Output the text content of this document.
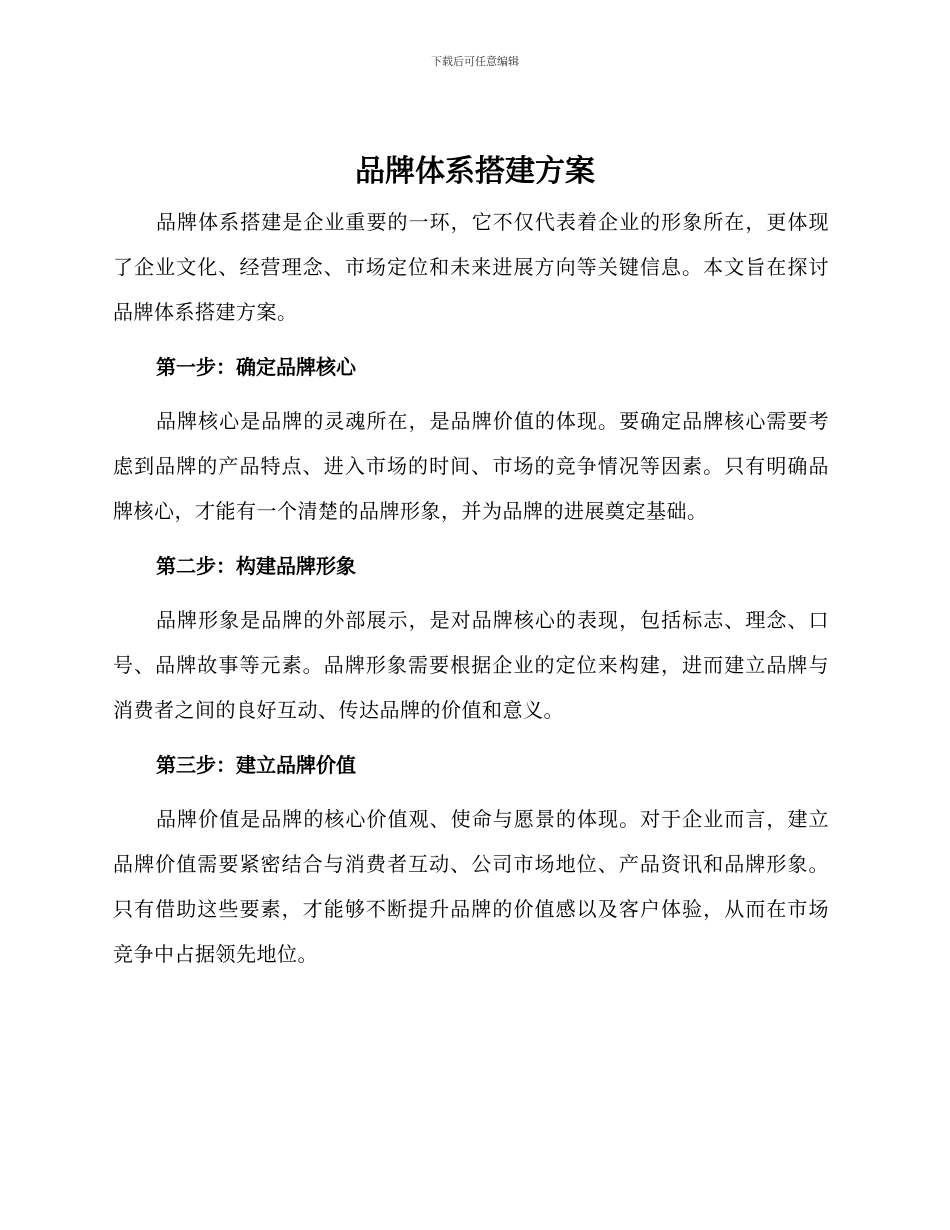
下载后可任意编辑
品牌体系搭建方案

品牌体系搭建是企业重要的一环，它不仅代表着企业的形象所在，更体现了企业文化、经营理念、市场定位和未来进展方向等关键信息。本文旨在探讨品牌体系搭建方案。

第一步：确定品牌核心

品牌核心是品牌的灵魂所在，是品牌价值的体现。要确定品牌核心需要考虑到品牌的产品特点、进入市场的时间、市场的竞争情况等因素。只有明确品牌核心，才能有一个清楚的品牌形象，并为品牌的进展奠定基础。

第二步：构建品牌形象

品牌形象是品牌的外部展示，是对品牌核心的表现，包括标志、理念、口号、品牌故事等元素。品牌形象需要根据企业的定位来构建，进而建立品牌与消费者之间的良好互动、传达品牌的价值和意义。

第三步：建立品牌价值

品牌价值是品牌的核心价值观、使命与愿景的体现。对于企业而言，建立品牌价值需要紧密结合与消费者互动、公司市场地位、产品资讯和品牌形象。只有借助这些要素，才能够不断提升品牌的价值感以及客户体验，从而在市场竞争中占据领先地位。
